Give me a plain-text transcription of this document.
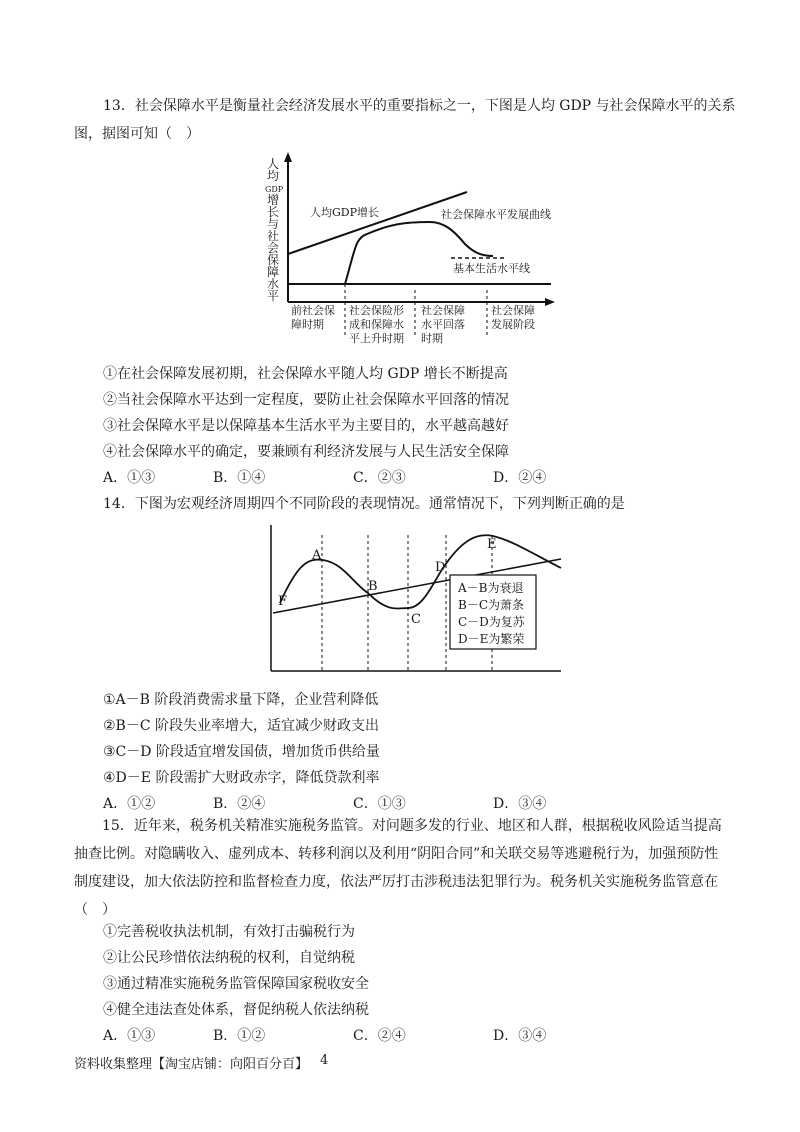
13．社会保障水平是衡量社会经济发展水平的重要指标之一，下图是人均 GDP 与社会保障水平的关系
图，据图可知（　）
人
均
GDP
增
长
与
社
会
保
障
水
平
人均GDP增长	社会保障水平发展曲线
基本生活水平线
前社会保
障时期
社会保险形
成和保障水
平上升时期
社会保障
水平回落
时期
社会保障
发展阶段
①在社会保障发展初期，社会保障水平随人均 GDP 增长不断提高
②当社会保障水平达到一定程度，要防止社会保障水平回落的情况
③社会保障水平是以保障基本生活水平为主要目的，水平越高越好
④社会保障水平的确定，要兼顾有利经济发展与人民生活安全保障
A．①③	B．①④	C．②③	D．②④
14．下图为宏观经济周期四个不同阶段的表现情况。通常情况下，下列判断正确的是
F
A
B
C
D
E
A－B为衰退
B－C为萧条
C－D为复苏
D－E为繁荣
①A－B 阶段消费需求量下降，企业营利降低
②B－C 阶段失业率增大，适宜减少财政支出
③C－D 阶段适宜增发国债，增加货币供给量
④D－E 阶段需扩大财政赤字，降低贷款利率
A．①②	B．②④	C．①③	D．③④
15．近年来，税务机关精准实施税务监管。对问题多发的行业、地区和人群，根据税收风险适当提高抽查比例。对隐瞒收入、虚列成本、转移利润以及利用“阴阳合同”和关联交易等逃避税行为，加强预防性制度建设，加大依法防控和监督检查力度，依法严厉打击涉税违法犯罪行为。税务机关实施税务监管意在（　）
①完善税收执法机制，有效打击骗税行为
②让公民珍惜依法纳税的权利，自觉纳税
③通过精准实施税务监管保障国家税收安全
④健全违法查处体系，督促纳税人依法纳税
A．①③	B．①②	C．②④	D．③④
资料收集整理【淘宝店铺：向阳百分百】 4
